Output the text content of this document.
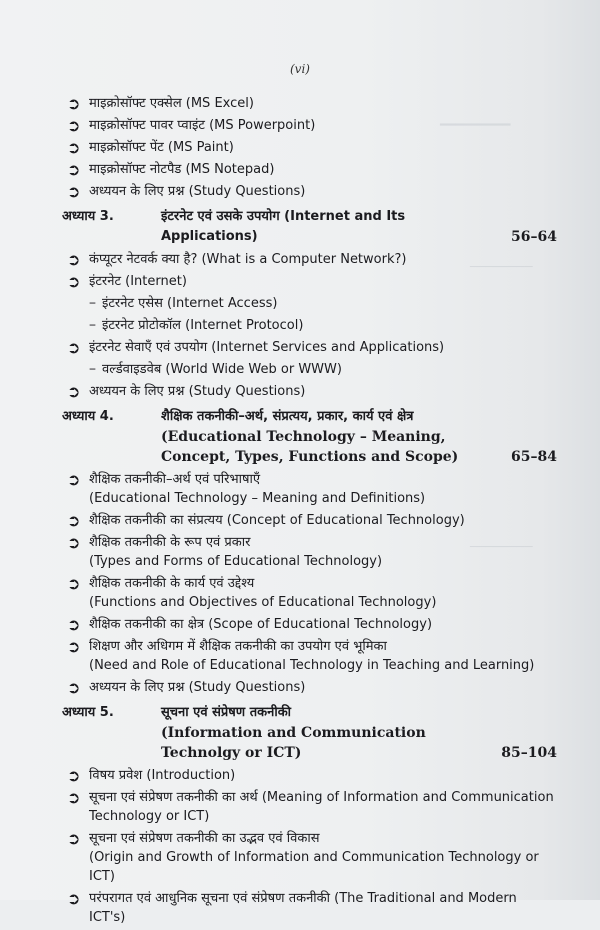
━━━━━━━━━
────────
────────
(vi)
➲ माइक्रोसॉफ्ट एक्सेल (MS Excel)
➲ माइक्रोसॉफ्ट पावर प्वाइंट (MS Powerpoint)
➲ माइक्रोसॉफ्ट पेंट (MS Paint)
➲ माइक्रोसॉफ्ट नोटपैड (MS Notepad)
➲ अध्ययन के लिए प्रश्न (Study Questions)
अध्याय 3.	इंटरनेट एवं उसके उपयोग (Internet and Its Applications)	56–64
➲ कंप्यूटर नेटवर्क क्या है? (What is a Computer Network?)
➲ इंटरनेट (Internet)
– इंटरनेट एसेस (Internet Access)
– इंटरनेट प्रोटोकॉल (Internet Protocol)
➲ इंटरनेट सेवाएँ एवं उपयोग (Internet Services and Applications)
– वर्ल्डवाइडवेब (World Wide Web or WWW)
➲ अध्ययन के लिए प्रश्न (Study Questions)
अध्याय 4.	शैक्षिक तकनीकी–अर्थ, संप्रत्यय, प्रकार, कार्य एवं क्षेत्र
(Educational Technology – Meaning, Concept, Types, Functions and Scope)	65–84
➲ शैक्षिक तकनीकी–अर्थ एवं परिभाषाएँ
(Educational Technology – Meaning and Definitions)
➲ शैक्षिक तकनीकी का संप्रत्यय (Concept of Educational Technology)
➲ शैक्षिक तकनीकी के रूप एवं प्रकार
(Types and Forms of Educational Technology)
➲ शैक्षिक तकनीकी के कार्य एवं उद्देश्य
(Functions and Objectives of Educational Technology)
➲ शैक्षिक तकनीकी का क्षेत्र (Scope of Educational Technology)
➲ शिक्षण और अधिगम में शैक्षिक तकनीकी का उपयोग एवं भूमिका
(Need and Role of Educational Technology in Teaching and Learning)
➲ अध्ययन के लिए प्रश्न (Study Questions)
अध्याय 5.	सूचना एवं संप्रेषण तकनीकी
(Information and Communication Technolgy or ICT)	85–104
➲ विषय प्रवेश (Introduction)
➲ सूचना एवं संप्रेषण तकनीकी का अर्थ (Meaning of Information and Communication Technology or ICT)
➲ सूचना एवं संप्रेषण तकनीकी का उद्भव एवं विकास
(Origin and Growth of Information and Communication Technology or ICT)
➲ परंपरागत एवं आधुनिक सूचना एवं संप्रेषण तकनीकी (The Traditional and Modern ICT's)
